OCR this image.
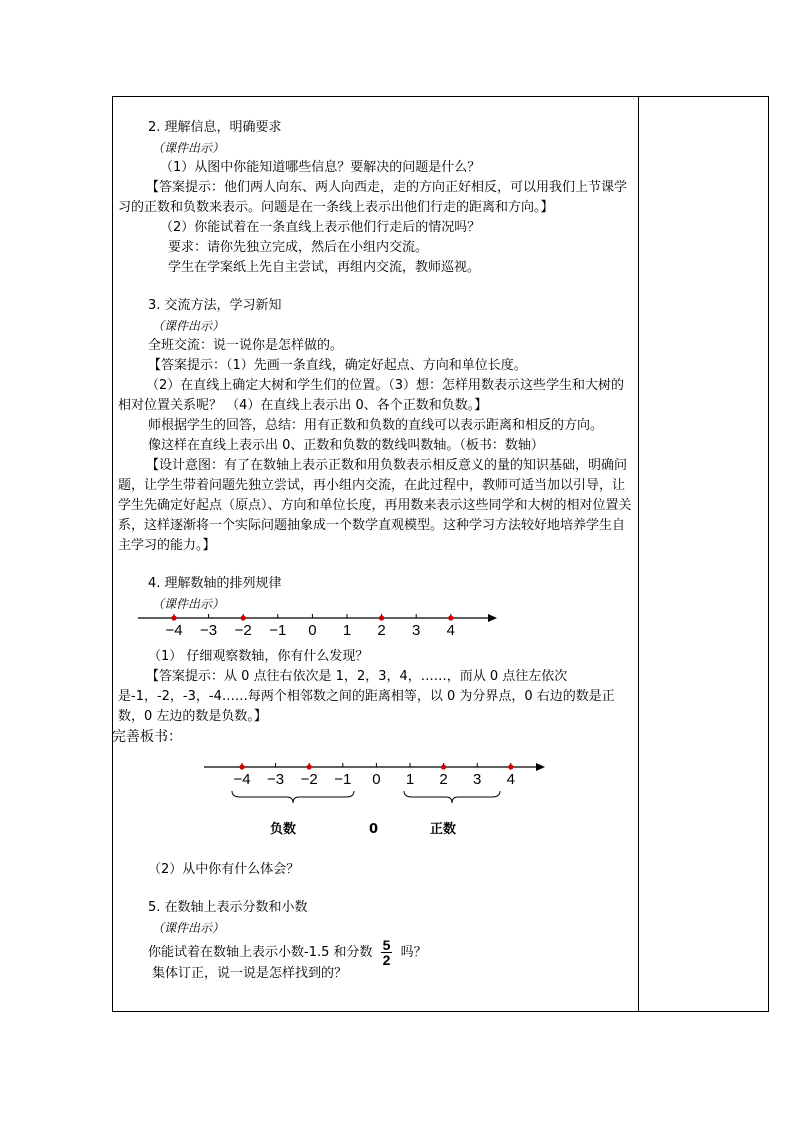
2. 理解信息，明确要求
（课件出示）
（1）从图中你能知道哪些信息？要解决的问题是什么？
【答案提示：他们两人向东、两人向西走，走的方向正好相反，可以用我们上节课学习的正数和负数来表示。问题是在一条线上表示出他们行走的距离和方向。】
（2）你能试着在一条直线上表示他们行走后的情况吗？
要求：请你先独立完成，然后在小组内交流。
学生在学案纸上先自主尝试，再组内交流，教师巡视。
3. 交流方法，学习新知
（课件出示）
全班交流：说一说你是怎样做的。
【答案提示：（1）先画一条直线，确定好起点、方向和单位长度。
（2）在直线上确定大树和学生们的位置。（3）想：怎样用数表示这些学生和大树的相对位置关系呢？ （4）在直线上表示出 0、各个正数和负数。】
师根据学生的回答，总结：用有正数和负数的直线可以表示距离和相反的方向。
像这样在直线上表示出 0、正数和负数的数线叫数轴。（板书：数轴）
【设计意图：有了在数轴上表示正数和用负数表示相反意义的量的知识基础，明确问题，让学生带着问题先独立尝试，再小组内交流，在此过程中，教师可适当加以引导，让学生先确定好起点（原点）、方向和单位长度，再用数来表示这些同学和大树的相对位置关系，这样逐渐将一个实际问题抽象成一个数学直观模型。这种学习方法较好地培养学生自主学习的能力。】
4. 理解数轴的排列规律
（课件出示）
−4 −3 −2 −1 0 1 2 3 4
（1） 仔细观察数轴，你有什么发现？
【答案提示：从 0 点往右依次是 1，2，3，4，……，而从 0 点往左依次是-1，-2，-3，-4……每两个相邻数之间的距离相等，以 0 为分界点，0 右边的数是正数，0 左边的数是负数。】
完善板书：
−4 −3 −2 −1 0 1 2 3 4
负数	0	正数
（2）从中你有什么体会？
5. 在数轴上表示分数和小数
（课件出示）
你能试着在数轴上表示小数-1.5 和分数 $\frac{5}{2}$ 吗？
集体订正，说一说是怎样找到的？
